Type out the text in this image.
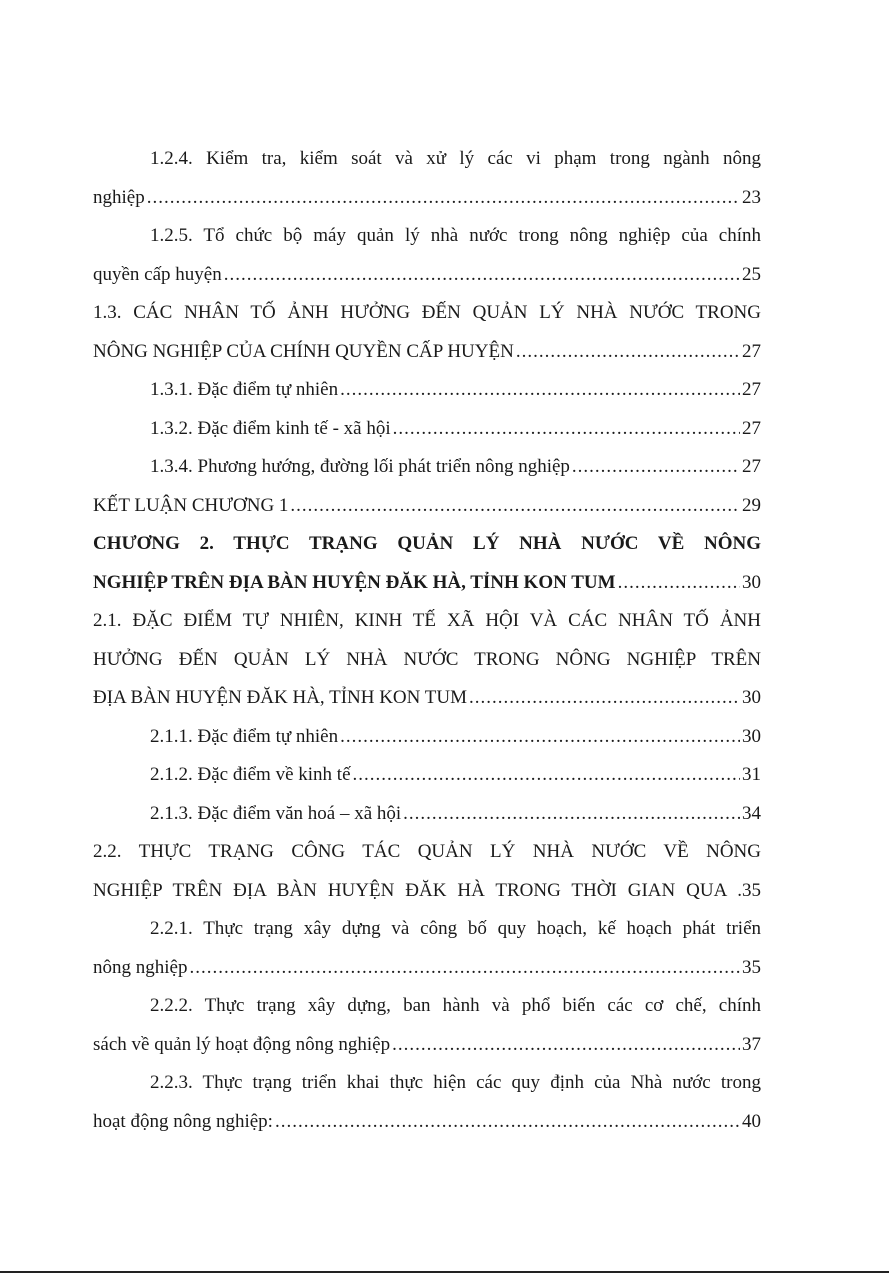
1.2.4. Kiểm tra, kiểm soát và xử lý các vi phạm trong ngành nông
nghiệp .....	23
1.2.5. Tổ chức bộ máy quản lý nhà nước trong nông nghiệp của chính
quyền cấp huyện .....	25
1.3. CÁC NHÂN TỐ ẢNH HƯỞNG ĐẾN QUẢN LÝ NHÀ NƯỚC TRONG
NÔNG NGHIỆP CỦA CHÍNH QUYỀN CẤP HUYỆN .....	27
1.3.1. Đặc điểm tự nhiên .....	27
1.3.2. Đặc điểm kinh tế - xã hội .....	27
1.3.4. Phương hướng, đường lối phát triển nông nghiệp .....	27
KẾT LUẬN CHƯƠNG 1 .....	29
CHƯƠNG 2. THỰC TRẠNG QUẢN LÝ NHÀ NƯỚC VỀ NÔNG
NGHIỆP TRÊN ĐỊA BÀN HUYỆN ĐĂK HÀ, TỈNH KON TUM .....	30
2.1. ĐẶC ĐIỂM TỰ NHIÊN, KINH TẾ XÃ HỘI VÀ CÁC NHÂN TỐ ẢNH
HƯỞNG ĐẾN QUẢN LÝ NHÀ NƯỚC TRONG NÔNG NGHIỆP TRÊN
ĐỊA BÀN HUYỆN ĐĂK HÀ, TỈNH KON TUM .....	30
2.1.1. Đặc điểm tự nhiên .....	30
2.1.2. Đặc điểm về kinh tế .....	31
2.1.3. Đặc điểm văn hoá – xã hội .....	34
2.2. THỰC TRẠNG CÔNG TÁC QUẢN LÝ NHÀ NƯỚC VỀ NÔNG
NGHIỆP TRÊN ĐỊA BÀN HUYỆN ĐĂK HÀ TRONG THỜI GIAN QUA .35
2.2.1. Thực trạng xây dựng và công bố quy hoạch, kế hoạch phát triển
nông nghiệp .....	35
2.2.2. Thực trạng xây dựng, ban hành và phổ biến các cơ chế, chính
sách về quản lý hoạt động nông nghiệp .....	37
2.2.3. Thực trạng triển khai thực hiện các quy định của Nhà nước trong
hoạt động nông nghiệp: .....	40
